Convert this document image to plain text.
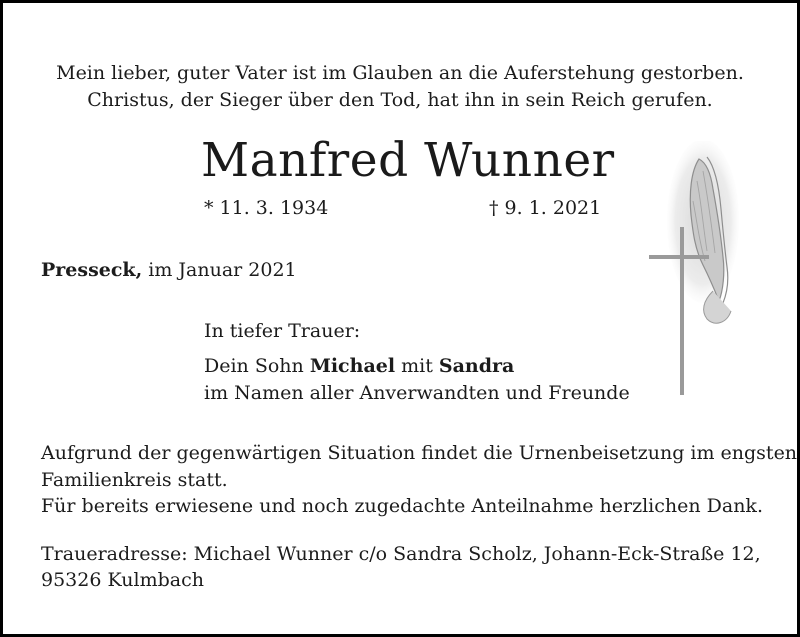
Mein lieber, guter Vater ist im Glauben an die Auferstehung gestorben.
Christus, der Sieger über den Tod, hat ihn in sein Reich gerufen.
Manfred Wunner
* 11. 3. 1934	† 9. 1. 2021
Presseck, im Januar 2021
In tiefer Trauer:
Dein Sohn Michael mit Sandra
im Namen aller Anverwandten und Freunde
Aufgrund der gegenwärtigen Situation findet die Urnenbeisetzung im engsten
Familienkreis statt.
Für bereits erwiesene und noch zugedachte Anteilnahme herzlichen Dank.
Traueradresse: Michael Wunner c/o Sandra Scholz, Johann-Eck-Straße 12,
95326 Kulmbach
